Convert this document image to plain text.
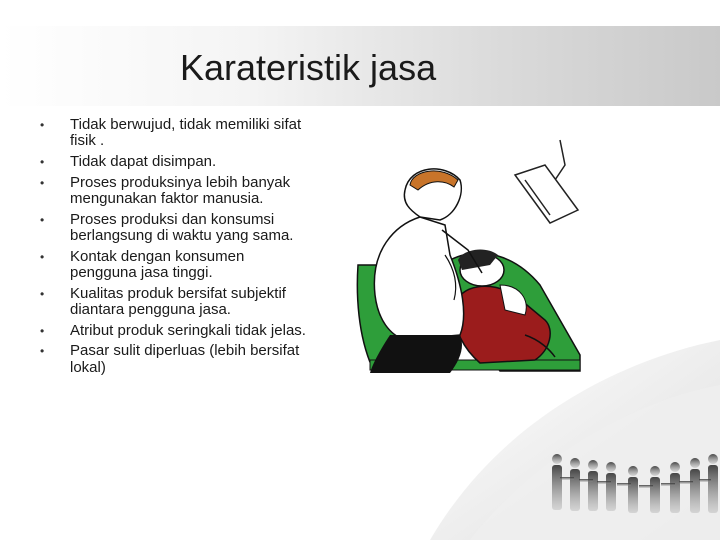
Karateristik jasa
•	Tidak berwujud, tidak memiliki sifat fisik .
•	Tidak dapat disimpan.
•	Proses produksinya lebih banyak mengunakan faktor manusia.
•	Proses produksi dan konsumsi berlangsung di waktu yang sama.
•	Kontak dengan konsumen pengguna jasa tinggi.
•	Kualitas produk bersifat subjektif diantara pengguna jasa.
•	Atribut produk seringkali tidak jelas.
•	Pasar sulit diperluas (lebih bersifat lokal)
